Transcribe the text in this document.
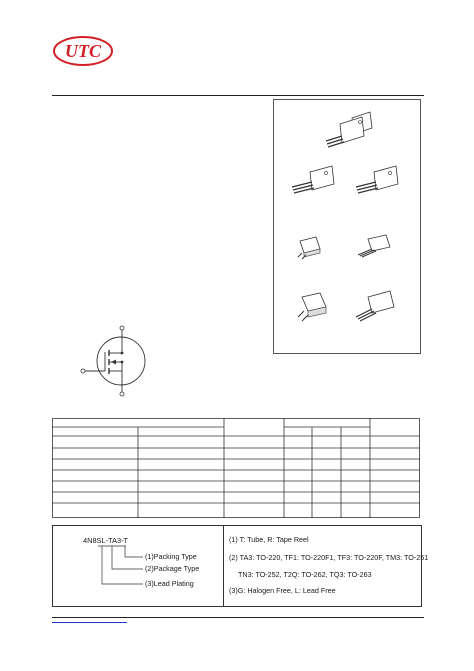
UTC
4N8SL-TA3-T
(1)Packing Type
(2)Package Type
(3)Lead Plating
(1) T: Tube, R: Tape Reel
(2) TA3: TO-220, TF1: TO-220F1, TF3: TO-220F, TM3: TO-251
TN3: TO-252, T2Q: TO-262, TQ3: TO-263
(3)G: Halogen Free, L: Lead Free
